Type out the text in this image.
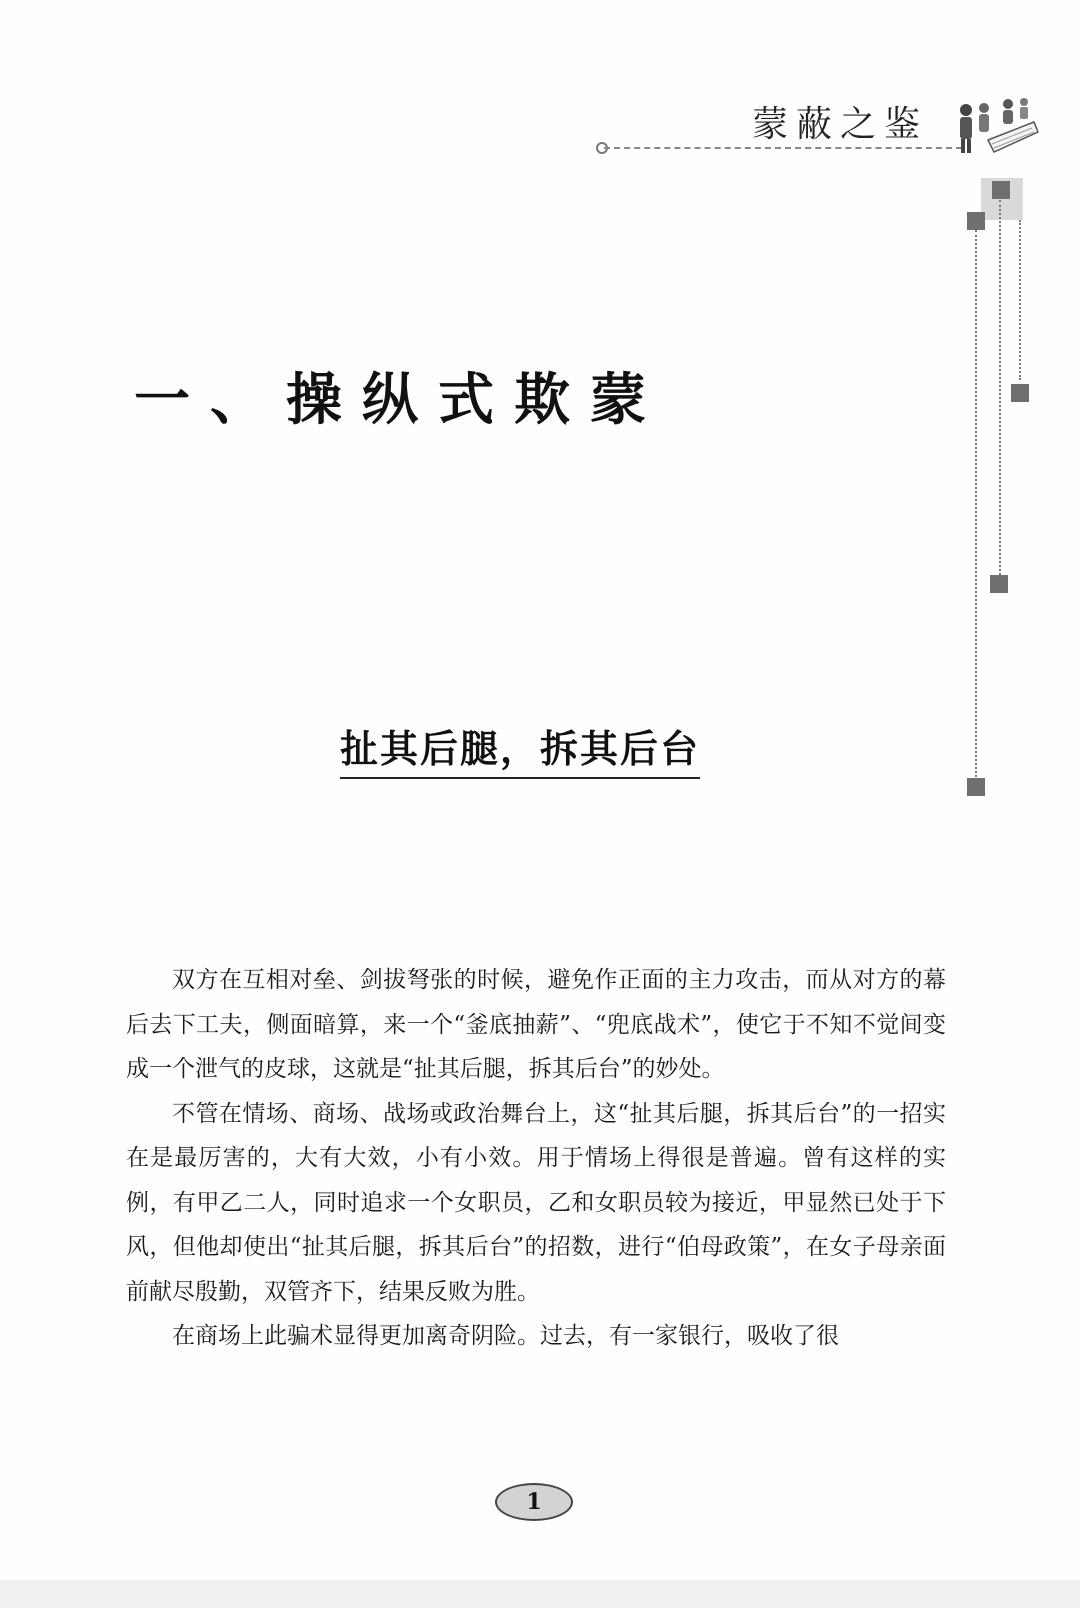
蒙蔽之鉴
一、操纵式欺蒙
扯其后腿，拆其后台

双方在互相对垒、剑拔弩张的时候，避免作正面的主力攻击，而从对方的幕后去下工夫，侧面暗算，来一个“釜底抽薪”、“兜底战术”，使它于不知不觉间变成一个泄气的皮球，这就是“扯其后腿，拆其后台”的妙处。

不管在情场、商场、战场或政治舞台上，这“扯其后腿，拆其后台”的一招实在是最厉害的，大有大效，小有小效。用于情场上得很是普遍。曾有这样的实例，有甲乙二人，同时追求一个女职员，乙和女职员较为接近，甲显然已处于下风，但他却使出“扯其后腿，拆其后台”的招数，进行“伯母政策”，在女子母亲面前献尽殷勤，双管齐下，结果反败为胜。

在商场上此骗术显得更加离奇阴险。过去，有一家银行，吸收了很

1
